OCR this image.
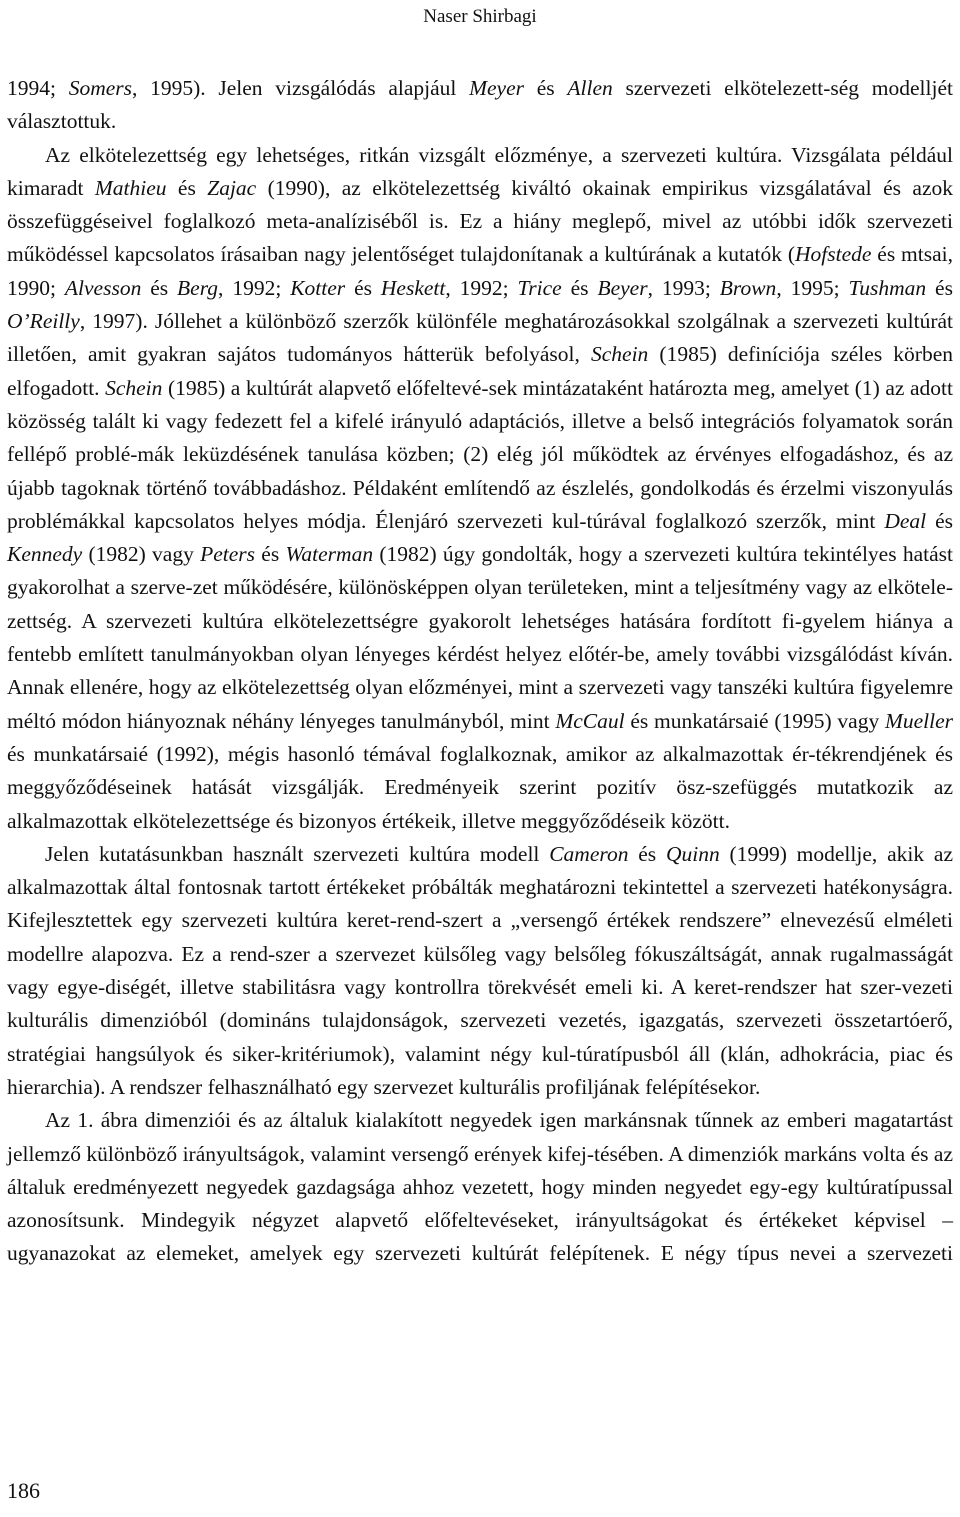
Naser Shirbagi

1994; Somers, 1995). Jelen vizsgálódás alapjául Meyer és Allen szervezeti elkötelezett-ség modelljét választottuk.

Az elkötelezettség egy lehetséges, ritkán vizsgált előzménye, a szervezeti kultúra. Vizsgálata például kimaradt Mathieu és Zajac (1990), az elkötelezettség kiváltó okainak empirikus vizsgálatával és azok összefüggéseivel foglalkozó meta-analíziséből is. Ez a hiány meglepő, mivel az utóbbi idők szervezeti működéssel kapcsolatos írásaiban nagy jelentőséget tulajdonítanak a kultúrának a kutatók (Hofstede és mtsai, 1990; Alvesson és Berg, 1992; Kotter és Heskett, 1992; Trice és Beyer, 1993; Brown, 1995; Tushman és O’Reilly, 1997). Jóllehet a különböző szerzők különféle meghatározásokkal szolgálnak a szervezeti kultúrát illetően, amit gyakran sajátos tudományos hátterük befolyásol, Schein (1985) definíciója széles körben elfogadott. Schein (1985) a kultúrát alapvető előfeltevé-sek mintázataként határozta meg, amelyet (1) az adott közösség talált ki vagy fedezett fel a kifelé irányuló adaptációs, illetve a belső integrációs folyamatok során fellépő problé-mák leküzdésének tanulása közben; (2) elég jól működtek az érvényes elfogadáshoz, és az újabb tagoknak történő továbbadáshoz. Példaként említendő az észlelés, gondolkodás és érzelmi viszonyulás problémákkal kapcsolatos helyes módja. Élenjáró szervezeti kul-túrával foglalkozó szerzők, mint Deal és Kennedy (1982) vagy Peters és Waterman (1982) úgy gondolták, hogy a szervezeti kultúra tekintélyes hatást gyakorolhat a szerve-zet működésére, különösképpen olyan területeken, mint a teljesítmény vagy az elkötele-zettség. A szervezeti kultúra elkötelezettségre gyakorolt lehetséges hatására fordított fi-gyelem hiánya a fentebb említett tanulmányokban olyan lényeges kérdést helyez előtér-be, amely további vizsgálódást kíván. Annak ellenére, hogy az elkötelezettség olyan előzményei, mint a szervezeti vagy tanszéki kultúra figyelemre méltó módon hiányoznak néhány lényeges tanulmányból, mint McCaul és munkatársaié (1995) vagy Mueller és munkatársaié (1992), mégis hasonló témával foglalkoznak, amikor az alkalmazottak ér-tékrendjének és meggyőződéseinek hatását vizsgálják. Eredményeik szerint pozitív ösz-szefüggés mutatkozik az alkalmazottak elkötelezettsége és bizonyos értékeik, illetve meggyőződéseik között.

Jelen kutatásunkban használt szervezeti kultúra modell Cameron és Quinn (1999) modellje, akik az alkalmazottak által fontosnak tartott értékeket próbálták meghatározni tekintettel a szervezeti hatékonyságra. Kifejlesztettek egy szervezeti kultúra keret-rend-szert a „versengő értékek rendszere” elnevezésű elméleti modellre alapozva. Ez a rend-szer a szervezet külsőleg vagy belsőleg fókuszáltságát, annak rugalmasságát vagy egye-diségét, illetve stabilitásra vagy kontrollra törekvését emeli ki. A keret-rendszer hat szer-vezeti kulturális dimenzióból (domináns tulajdonságok, szervezeti vezetés, igazgatás, szervezeti összetartóerő, stratégiai hangsúlyok és siker-kritériumok), valamint négy kul-túratípusból áll (klán, adhokrácia, piac és hierarchia). A rendszer felhasználható egy szervezet kulturális profiljának felépítésekor.

Az 1. ábra dimenziói és az általuk kialakított negyedek igen markánsnak tűnnek az emberi magatartást jellemző különböző irányultságok, valamint versengő erények kifej-tésében. A dimenziók markáns volta és az általuk eredményezett negyedek gazdagsága ahhoz vezetett, hogy minden negyedet egy-egy kultúratípussal azonosítsunk. Mindegyik négyzet alapvető előfeltevéseket, irányultságokat és értékeket képvisel – ugyanazokat az elemeket, amelyek egy szervezeti kultúrát felépítenek. E négy típus nevei a szervezeti

186
